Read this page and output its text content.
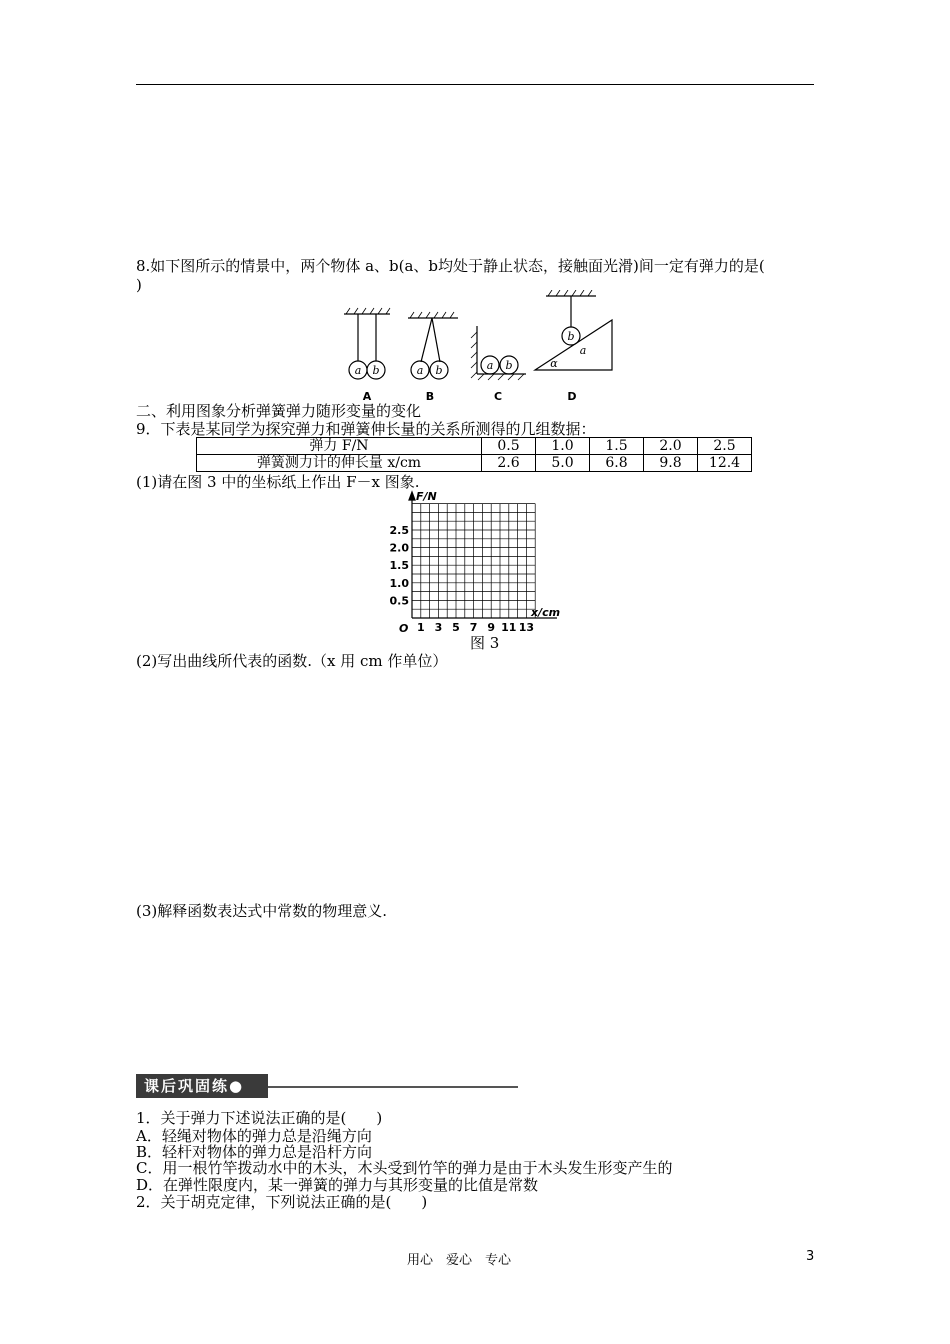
8.如下图所示的情景中，两个物体 a、b(a、b均处于静止状态，接触面光滑)间一定有弹力的是(
)
a b	a b	a b
b
a
α
A	B	C	D
二、利用图象分析弹簧弹力随形变量的变化
9．下表是某同学为探究弹力和弹簧伸长量的关系所测得的几组数据：
弹力 F/N	0.5	1.0	1.5	2.0	2.5
弹簧测力计的伸长量 x/cm	2.6	5.0	6.8	9.8	12.4
(1)请在图 3 中的坐标纸上作出 F－x 图象.
F/N
x/cm
O
2.5
2.0
1.5
1.0
0.5
1 3 5 7 9 11 13
图 3
(2)写出曲线所代表的函数.（x 用 cm 作单位）
(3)解释函数表达式中常数的物理意义.
课后巩固练●
1．关于弹力下述说法正确的是(　　)
A．轻绳对物体的弹力总是沿绳方向
B．轻杆对物体的弹力总是沿杆方向
C．用一根竹竿拨动水中的木头，木头受到竹竿的弹力是由于木头发生形变产生的
D．在弹性限度内，某一弹簧的弹力与其形变量的比值是常数
2．关于胡克定律，下列说法正确的是(　　)
用心　爱心　专心	3
